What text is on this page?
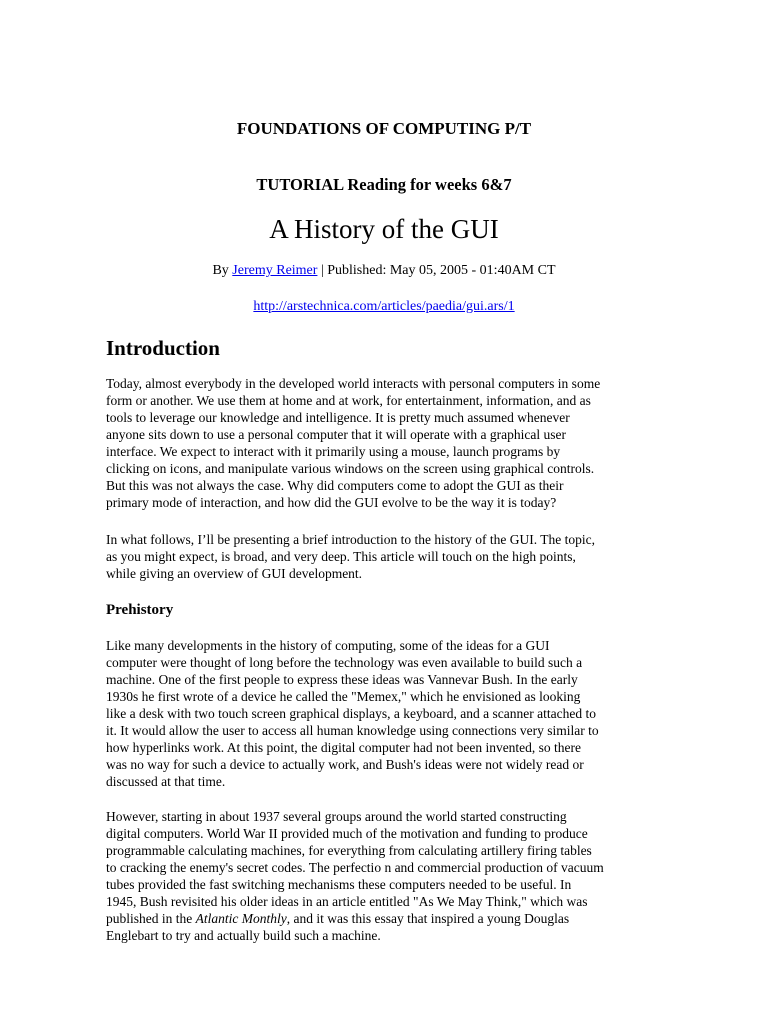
FOUNDATIONS OF COMPUTING P/T

TUTORIAL Reading for weeks 6&7

A History of the GUI

By Jeremy Reimer | Published: May 05, 2005 - 01:40AM CT

http://arstechnica.com/articles/paedia/gui.ars/1

Introduction
Today, almost everybody in the developed world interacts with personal computers in some
form or another. We use them at home and at work, for entertainment, information, and as
tools to leverage our knowledge and intelligence. It is pretty much assumed whenever
anyone sits down to use a personal computer that it will operate with a graphical user
interface. We expect to interact with it primarily using a mouse, launch programs by
clicking on icons, and manipulate various windows on the screen using graphical controls.
But this was not always the case. Why did computers come to adopt the GUI as their
primary mode of interaction, and how did the GUI evolve to be the way it is today?
In what follows, I’ll be presenting a brief introduction to the history of the GUI. The topic,
as you might expect, is broad, and very deep. This article will touch on the high points,
while giving an overview of GUI development.
Prehistory
Like many developments in the history of computing, some of the ideas for a GUI
computer were thought of long before the technology was even available to build such a
machine. One of the first people to express these ideas was Vannevar Bush. In the early
1930s he first wrote of a device he called the "Memex," which he envisioned as looking
like a desk with two touch screen graphical displays, a keyboard, and a scanner attached to
it. It would allow the user to access all human knowledge using connections very similar to
how hyperlinks work. At this point, the digital computer had not been invented, so there
was no way for such a device to actually work, and Bush's ideas were not widely read or
discussed at that time.
However, starting in about 1937 several groups around the world started constructing
digital computers. World War II provided much of the motivation and funding to produce
programmable calculating machines, for everything from calculating artillery firing tables
to cracking the enemy's secret codes. The perfectio n and commercial production of vacuum
tubes provided the fast switching mechanisms these computers needed to be useful. In
1945, Bush revisited his older ideas in an article entitled "As We May Think," which was
published in the Atlantic Monthly, and it was this essay that inspired a young Douglas
Englebart to try and actually build such a machine.
